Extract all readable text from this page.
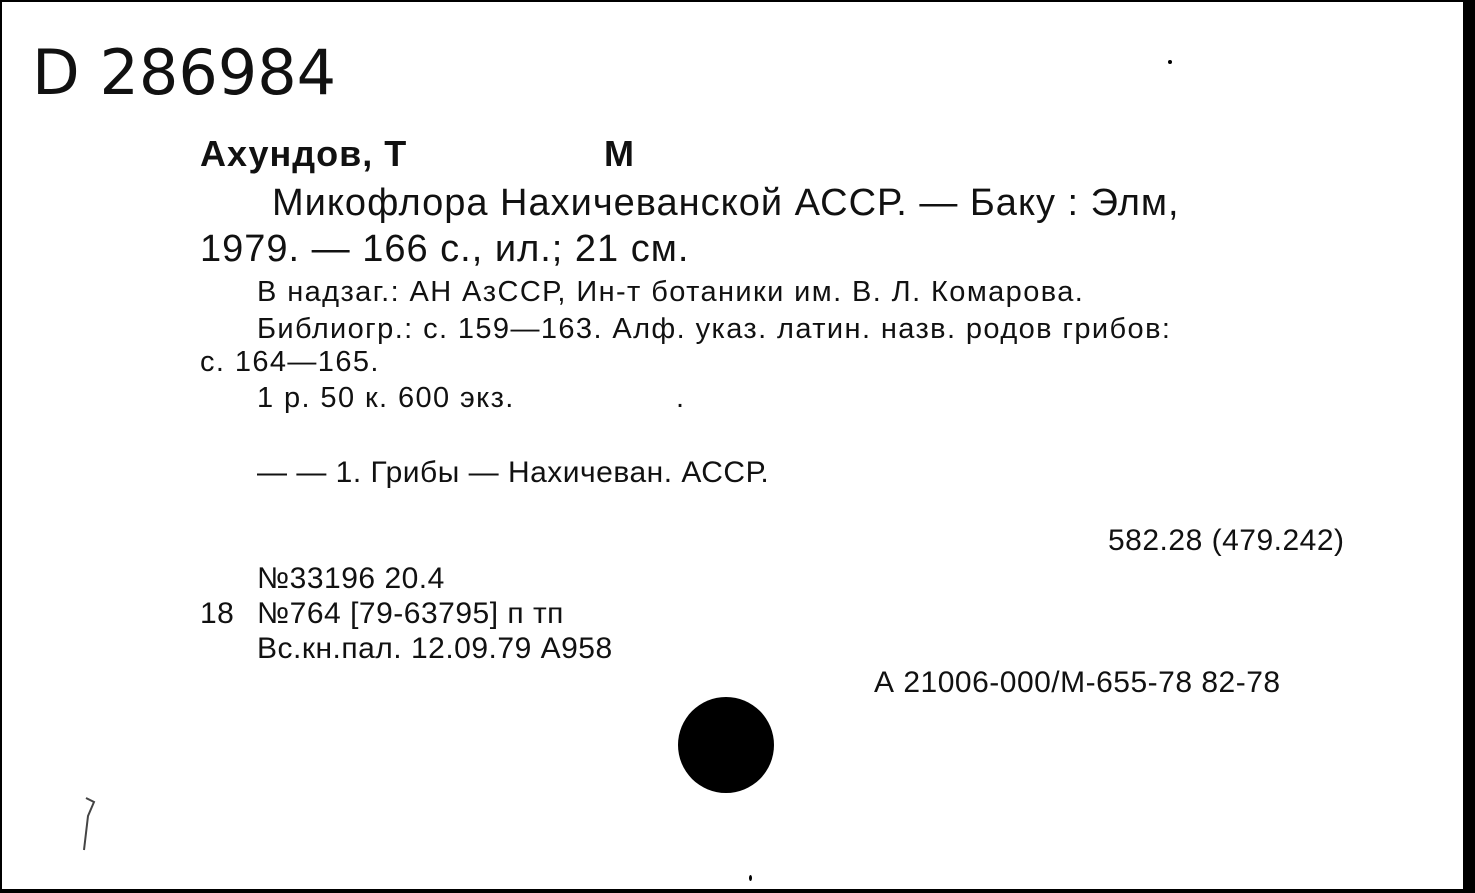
D 286984
Ахундов, Т	М
Микофлора Нахичеванской АССР. — Баку : Элм,
1979. — 166 с., ил.; 21 см.
В надзаг.: АН АзССР, Ин-т ботаники им. В. Л. Комарова.
Библиогр.: с. 159—163. Алф. указ. латин. назв. родов грибов:
с. 164—165.
1 р. 50 к. 600 экз.	.
— — 1. Грибы — Нахичеван. АССР.
582.28 (479.242)
№33196 20.4
18 №764 [79-63795] п тп
Вс.кн.пал. 12.09.79 А958
А 21006-000/М-655-78 82-78
